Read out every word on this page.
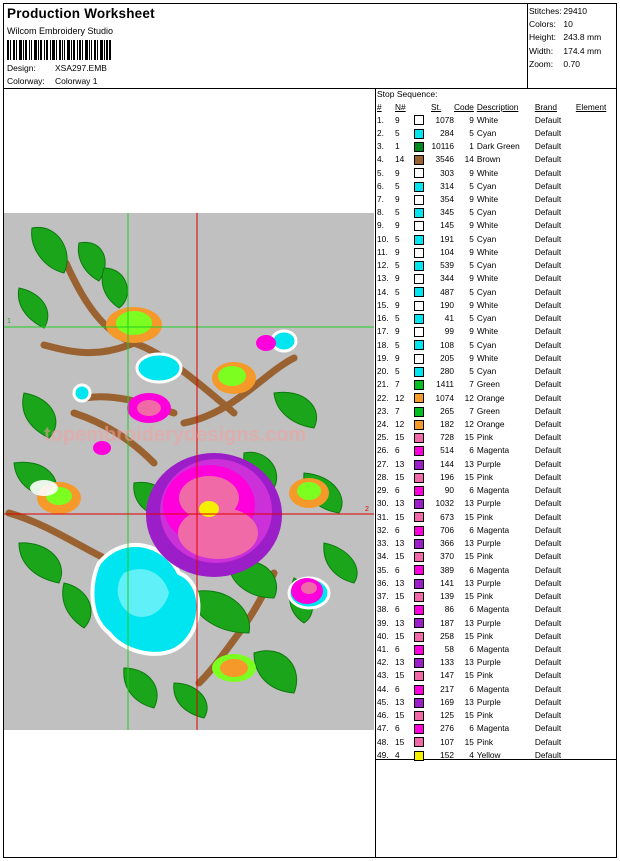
Production Worksheet
Wilcom Embroidery Studio
Design: XSA297.EMB
Colorway: Colorway 1
Stitches: 29410
Colors: 10
Height: 243.8 mm
Width: 174.4 mm
Zoom: 0.70
Stop Sequence:
#	N#		St.	Code	Description	Brand	Element
1.	9		1078	9	White	Default	
2.	5		284	5	Cyan	Default	
3.	1		10116	1	Dark Green	Default	
4.	14		3546	14	Brown	Default	
5.	9		303	9	White	Default	
6.	5		314	5	Cyan	Default	
7.	9		354	9	White	Default	
8.	5		345	5	Cyan	Default	
9.	9		145	9	White	Default	
10.	5		191	5	Cyan	Default	
11.	9		104	9	White	Default	
12.	5		539	5	Cyan	Default	
13.	9		344	9	White	Default	
14.	5		487	5	Cyan	Default	
15.	9		190	9	White	Default	
16.	5		41	5	Cyan	Default	
17.	9		99	9	White	Default	
18.	5		108	5	Cyan	Default	
19.	9		205	9	White	Default	
20.	5		280	5	Cyan	Default	
21.	7		1411	7	Green	Default	
22.	12		1074	12	Orange	Default	
23.	7		265	7	Green	Default	
24.	12		182	12	Orange	Default	
25.	15		728	15	Pink	Default	
26.	6		514	6	Magenta	Default	
27.	13		144	13	Purple	Default	
28.	15		196	15	Pink	Default	
29.	6		90	6	Magenta	Default	
30.	13		1032	13	Purple	Default	
31.	15		673	15	Pink	Default	
32.	6		706	6	Magenta	Default	
33.	13		366	13	Purple	Default	
34.	15		370	15	Pink	Default	
35.	6		389	6	Magenta	Default	
36.	13		141	13	Purple	Default	
37.	15		139	15	Pink	Default	
38.	6		86	6	Magenta	Default	
39.	13		187	13	Purple	Default	
40.	15		258	15	Pink	Default	
41.	6		58	6	Magenta	Default	
42.	13		133	13	Purple	Default	
43.	15		147	15	Pink	Default	
44.	6		217	6	Magenta	Default	
45.	13		169	13	Purple	Default	
46.	15		125	15	Pink	Default	
47.	6		276	6	Magenta	Default	
48.	15		107	15	Pink	Default	
49.	4		152	4	Yellow	Default	
1
2
topembroiderydesigns.com
